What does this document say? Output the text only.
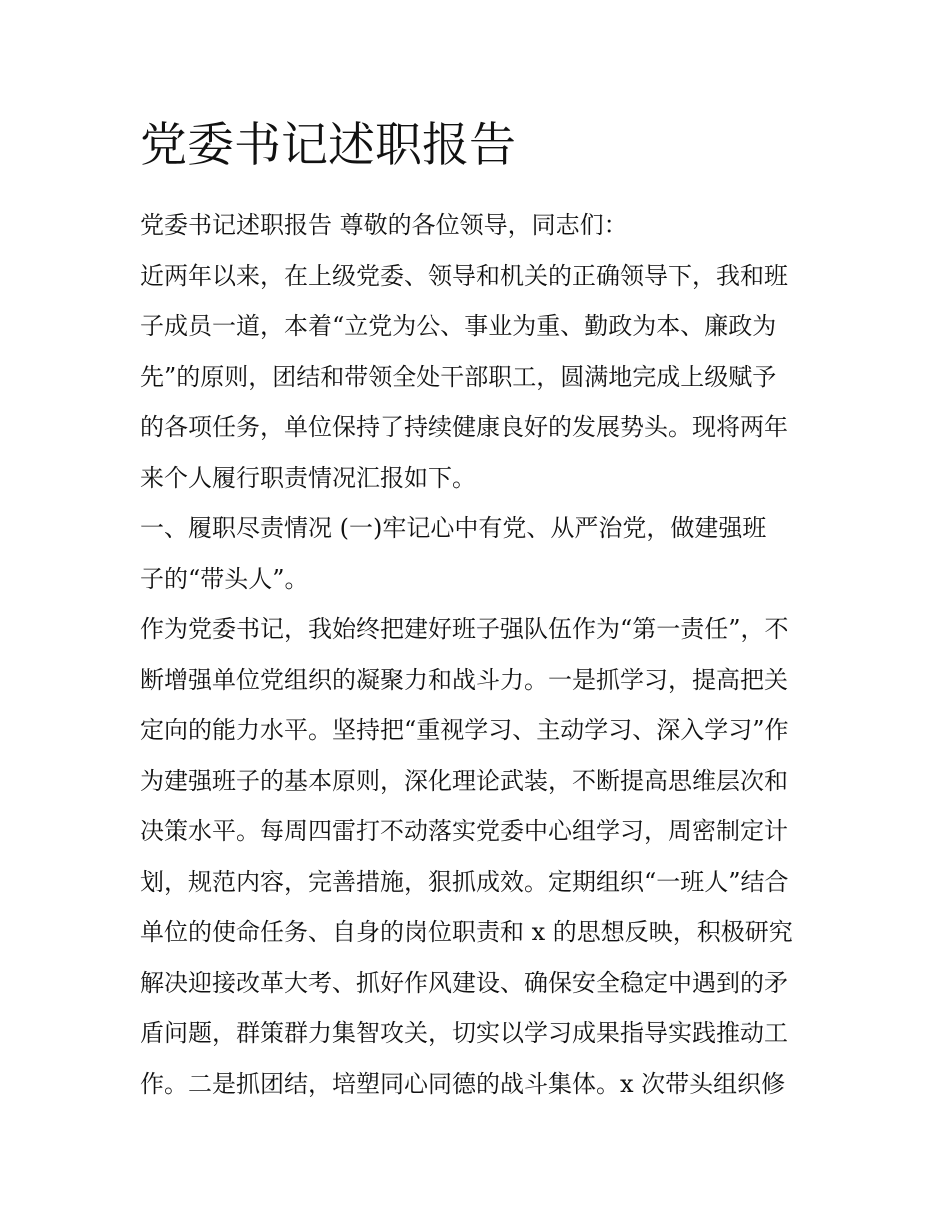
党委书记述职报告
党委书记述职报告 尊敬的各位领导，同志们：
近两年以来，在上级党委、领导和机关的正确领导下，我和班
子成员一道，本着“立党为公、事业为重、勤政为本、廉政为
先”的原则，团结和带领全处干部职工，圆满地完成上级赋予
的各项任务，单位保持了持续健康良好的发展势头。现将两年
来个人履行职责情况汇报如下。
一、履职尽责情况 (一)牢记心中有党、从严治党，做建强班
子的“带头人”。
作为党委书记，我始终把建好班子强队伍作为“第一责任”，不
断增强单位党组织的凝聚力和战斗力。一是抓学习，提高把关
定向的能力水平。坚持把“重视学习、主动学习、深入学习”作
为建强班子的基本原则，深化理论武装，不断提高思维层次和
决策水平。每周四雷打不动落实党委中心组学习，周密制定计
划，规范内容，完善措施，狠抓成效。定期组织“一班人”结合
单位的使命任务、自身的岗位职责和 x 的思想反映，积极研究
解决迎接改革大考、抓好作风建设、确保安全稳定中遇到的矛
盾问题，群策群力集智攻关，切实以学习成果指导实践推动工
作。二是抓团结，培塑同心同德的战斗集体。x 次带头组织修
